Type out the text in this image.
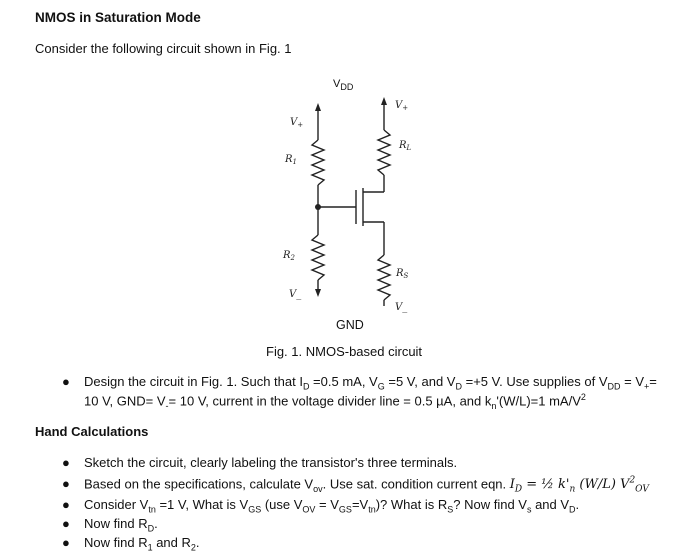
NMOS in Saturation Mode
Consider the following circuit shown in Fig. 1
$V_{DD}$
$V_+$
$R_1$
$R_2$
V_
$V_+$
$R_L$
$R_S$
V_
GND
Fig. 1. NMOS-based circuit
● Design the circuit in Fig. 1. Such that $I_D =0.5$ mA, $V_G =5$ V, and $V_D =+5$ V. Use supplies of $V_{DD} = V_+=$
10 V, $GND= V_-= 10$ V, current in the voltage divider line = 0.5 µA, and $k_n'(W/L)=1$ $mA/V^2$
Hand Calculations
● Sketch the circuit, clearly labeling the transistor's three terminals.
● Based on the specifications, calculate $V_{ov}$. Use sat. condition current eqn. $I_D$ = ½ $k'_n$ (W/L) $V^2_{OV}$
● Consider $V_{tn} =1$ V, What is $V_{GS}$ (use $V_{OV} = V_{GS}=V_{tn}$)? What is $R_S$? Now find $V_s$ and $V_D$.
● Now find $R_D$.
● Now find $R_1$ and $R_2$.
